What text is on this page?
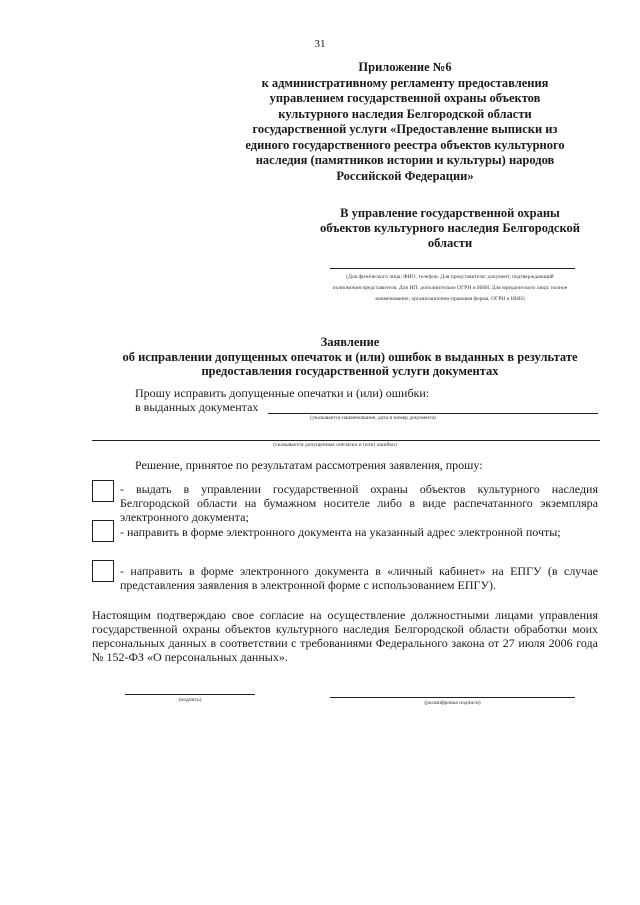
31
Приложение №6
к административному регламенту предоставления
управлением государственной охраны объектов
культурного наследия Белгородской области
государственной услуги «Предоставление выписки из
единого государственного реестра объектов культурного
наследия (памятников истории и культуры) народов
Российской Федерации»
В управление государственной охраны
объектов культурного наследия Белгородской
области
(Для физического лица: ФИО, телефон. Для представителя: документ, подтверждающий
полномочия представителя. Для ИП: дополнительно ОГРН и ИНН. Для юридического лица: полное
наименование, организационно-правовая форма, ОГРН и ИНН)
Заявление
об исправлении допущенных опечаток и (или) ошибок в выданных в результате
предоставления государственной услуги документах
Прошу исправить допущенные опечатки и (или) ошибки:
в выданных документах
(указывается наименование, дата и номер документа)
(указывается допущенные опечатки и (или) ошибки)
Решение, принятое по результатам рассмотрения заявления, прошу:
- выдать в управлении государственной охраны объектов культурного наследия Белгородской области на бумажном носителе либо в виде распечатанного экземпляра электронного документа;
- направить в форме электронного документа на указанный адрес электронной почты;
- направить в форме электронного документа в «личный кабинет» на ЕПГУ (в случае представления заявления в электронной форме с использованием ЕПГУ).
Настоящим подтверждаю свое согласие на осуществление должностными лицами управления государственной охраны объектов культурного наследия Белгородской области обработки моих персональных данных в соответствии с требованиями Федерального закона от 27 июля 2006 года № 152-ФЗ «О персональных данных».
(подпись)	(расшифровка подписи)
